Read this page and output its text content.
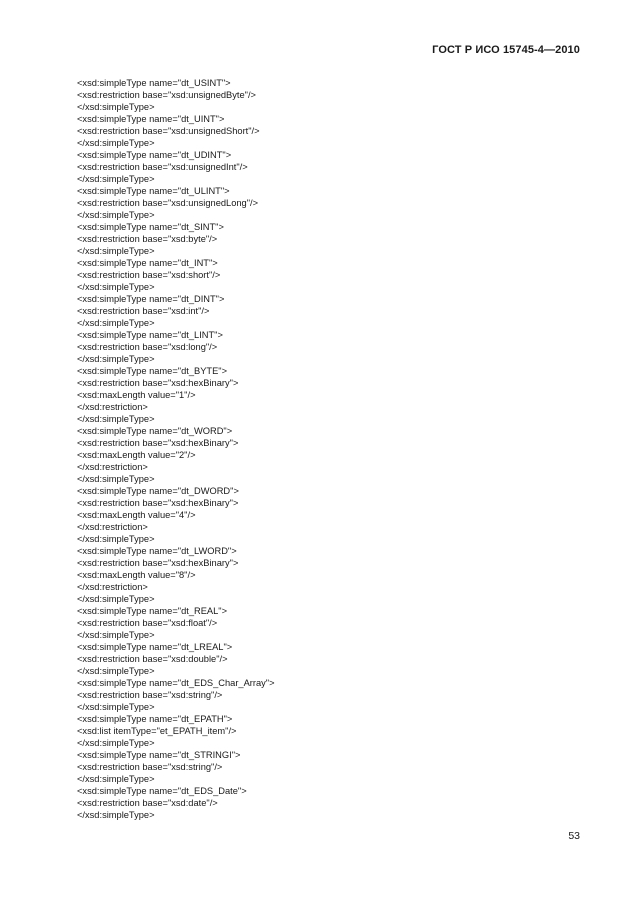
ГОСТ Р ИСО 15745-4—2010
<xsd:simpleType name="dt_USINT">
<xsd:restriction base="xsd:unsignedByte"/>
</xsd:simpleType>
<xsd:simpleType name="dt_UINT">
<xsd:restriction base="xsd:unsignedShort"/>
</xsd:simpleType>
<xsd:simpleType name="dt_UDINT">
<xsd:restriction base="xsd:unsignedInt"/>
</xsd:simpleType>
<xsd:simpleType name="dt_ULINT">
<xsd:restriction base="xsd:unsignedLong"/>
</xsd:simpleType>
<xsd:simpleType name="dt_SINT">
<xsd:restriction base="xsd:byte"/>
</xsd:simpleType>
<xsd:simpleType name="dt_INT">
<xsd:restriction base="xsd:short"/>
</xsd:simpleType>
<xsd:simpleType name="dt_DINT">
<xsd:restriction base="xsd:int"/>
</xsd:simpleType>
<xsd:simpleType name="dt_LINT">
<xsd:restriction base="xsd:long"/>
</xsd:simpleType>
<xsd:simpleType name="dt_BYTE">
<xsd:restriction base="xsd:hexBinary">
<xsd:maxLength value="1"/>
</xsd:restriction>
</xsd:simpleType>
<xsd:simpleType name="dt_WORD">
<xsd:restriction base="xsd:hexBinary">
<xsd:maxLength value="2"/>
</xsd:restriction>
</xsd:simpleType>
<xsd:simpleType name="dt_DWORD">
<xsd:restriction base="xsd:hexBinary">
<xsd:maxLength value="4"/>
</xsd:restriction>
</xsd:simpleType>
<xsd:simpleType name="dt_LWORD">
<xsd:restriction base="xsd:hexBinary">
<xsd:maxLength value="8"/>
</xsd:restriction>
</xsd:simpleType>
<xsd:simpleType name="dt_REAL">
<xsd:restriction base="xsd:float"/>
</xsd:simpleType>
<xsd:simpleType name="dt_LREAL">
<xsd:restriction base="xsd:double"/>
</xsd:simpleType>
<xsd:simpleType name="dt_EDS_Char_Array">
<xsd:restriction base="xsd:string"/>
</xsd:simpleType>
<xsd:simpleType name="dt_EPATH">
<xsd:list itemType="et_EPATH_item"/>
</xsd:simpleType>
<xsd:simpleType name="dt_STRINGI">
<xsd:restriction base="xsd:string"/>
</xsd:simpleType>
<xsd:simpleType name="dt_EDS_Date">
<xsd:restriction base="xsd:date"/>
</xsd:simpleType>
53
